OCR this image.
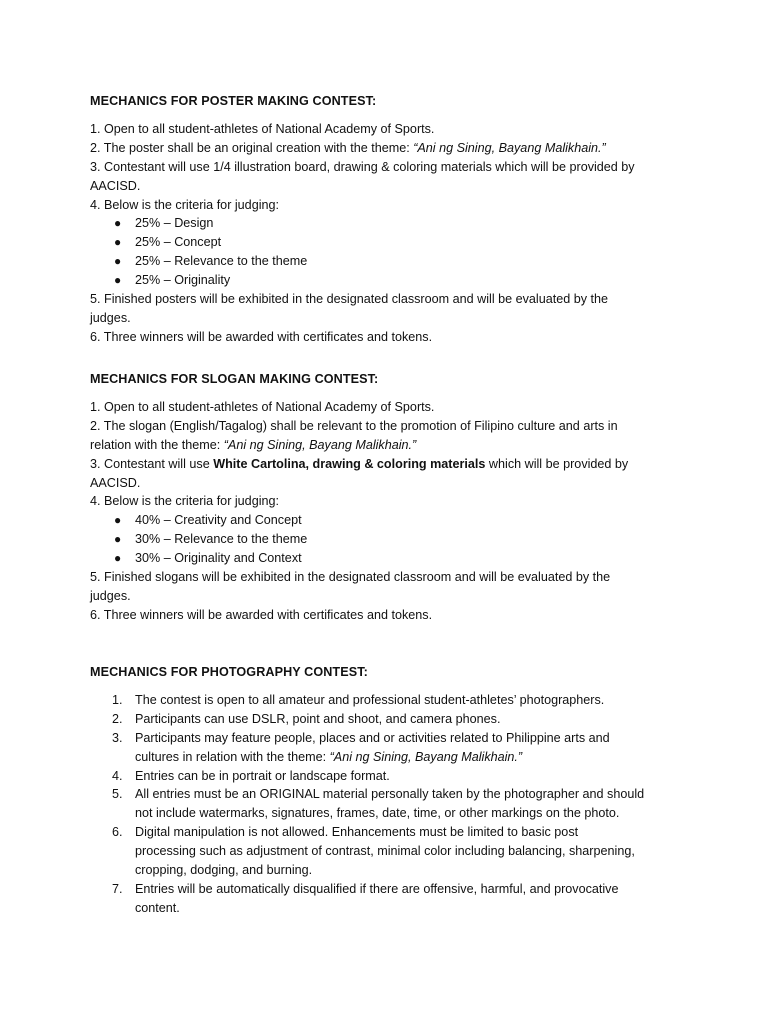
MECHANICS FOR POSTER MAKING CONTEST:
1. Open to all student-athletes of National Academy of Sports.
2. The poster shall be an original creation with the theme: “Ani ng Sining, Bayang Malikhain.”
3. Contestant will use 1/4 illustration board, drawing & coloring materials which will be provided by
AACISD.
4. Below is the criteria for judging:
● 25% – Design
● 25% – Concept
● 25% – Relevance to the theme
● 25% – Originality
5. Finished posters will be exhibited in the designated classroom and will be evaluated by the
judges.
6. Three winners will be awarded with certificates and tokens.
MECHANICS FOR SLOGAN MAKING CONTEST:
1. Open to all student-athletes of National Academy of Sports.
2. The slogan (English/Tagalog) shall be relevant to the promotion of Filipino culture and arts in
relation with the theme: “Ani ng Sining, Bayang Malikhain.”
3. Contestant will use White Cartolina, drawing & coloring materials which will be provided by
AACISD.
4. Below is the criteria for judging:
● 40% – Creativity and Concept
● 30% – Relevance to the theme
● 30% – Originality and Context
5. Finished slogans will be exhibited in the designated classroom and will be evaluated by the
judges.
6. Three winners will be awarded with certificates and tokens.
MECHANICS FOR PHOTOGRAPHY CONTEST:
1. The contest is open to all amateur and professional student-athletes’ photographers.
2. Participants can use DSLR, point and shoot, and camera phones.
3. Participants may feature people, places and or activities related to Philippine arts and
cultures in relation with the theme: “Ani ng Sining, Bayang Malikhain.”
4. Entries can be in portrait or landscape format.
5. All entries must be an ORIGINAL material personally taken by the photographer and should
not include watermarks, signatures, frames, date, time, or other markings on the photo.
6. Digital manipulation is not allowed. Enhancements must be limited to basic post
processing such as adjustment of contrast, minimal color including balancing, sharpening,
cropping, dodging, and burning.
7. Entries will be automatically disqualified if there are offensive, harmful, and provocative
content.
